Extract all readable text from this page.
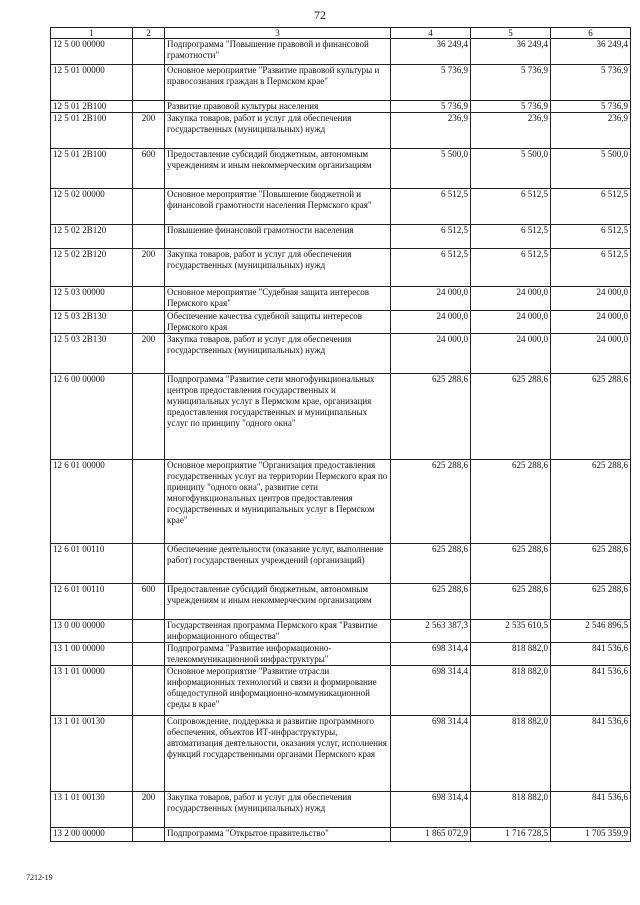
72
1	2	3	4	5	6
12 5 00 00000		Подпрограмма "Повышение правовой и финансовой грамотности"	36 249,4	36 249,4	36 249,4
12 5 01 00000		Основное мероприятие "Развитие правовой культуры и правосознания граждан в Пермском крае"	5 736,9	5 736,9	5 736,9
12 5 01 2В100		Развитие правовой культуры населения	5 736,9	5 736,9	5 736,9
12 5 01 2В100	200	Закупка товаров, работ и услуг для обеспечения государственных (муниципальных) нужд	236,9	236,9	236,9
12 5 01 2В100	600	Предоставление субсидий бюджетным, автономным учреждениям и иным некоммерческим организациям	5 500,0	5 500,0	5 500,0
12 5 02 00000		Основное мероприятие "Повышение бюджетной и финансовой грамотности населения Пермского края"	6 512,5	6 512,5	6 512,5
12 5 02 2В120		Повышение финансовой грамотности населения	6 512,5	6 512,5	6 512,5
12 5 02 2В120	200	Закупка товаров, работ и услуг для обеспечения государственных (муниципальных) нужд	6 512,5	6 512,5	6 512,5
12 5 03 00000		Основное мероприятие "Судебная защита интересов Пермского края"	24 000,0	24 000,0	24 000,0
12 5 03 2В130		Обеспечение качества судебной защиты интересов Пермского края	24 000,0	24 000,0	24 000,0
12 5 03 2В130	200	Закупка товаров, работ и услуг для обеспечения государственных (муниципальных) нужд	24 000,0	24 000,0	24 000,0
12 6 00 00000		Подпрограмма "Развитие сети многофункциональных центров предоставления государственных и муниципальных услуг в Пермском крае, организация предоставления государственных и муниципальных услуг по принципу "одного окна"	625 288,6	625 288,6	625 288,6
12 6 01 00000		Основное мероприятие "Организация предоставления государственных услуг на территории Пермского края по принципу "одного окна", развитие сети многофункциональных центров предоставления государственных и муниципальных услуг в Пермском крае"	625 288,6	625 288,6	625 288,6
12 6 01 00110		Обеспечение деятельности (оказание услуг, выполнение работ) государственных учреждений (организаций)	625 288,6	625 288,6	625 288,6
12 6 01 00110	600	Предоставление субсидий бюджетным, автономным учреждениям и иным некоммерческим организациям	625 288,6	625 288,6	625 288,6
13 0 00 00000		Государственная программа Пермского края "Развитие информационного общества"	2 563 387,3	2 535 610,5	2 546 896,5
13 1 00 00000		Подпрограмма "Развитие информационно-телекоммуникационной инфраструктуры"	698 314,4	818 882,0	841 536,6
13 1 01 00000		Основное мероприятие "Развитие отрасли информационных технологий и связи и формирование общедоступной информационно-коммуникационной среды в крае"	698 314,4	818 882,0	841 536,6
13 1 01 00130		Сопровождение, поддержка и развитие программного обеспечения, объектов ИТ-инфраструктуры, автоматизация деятельности, оказания услуг, исполнения функций государственными органами Пермского края	698 314,4	818 882,0	841 536,6
13 1 01 00130	200	Закупка товаров, работ и услуг для обеспечения государственных (муниципальных) нужд	698 314,4	818 882,0	841 536,6
13 2 00 00000		Подпрограмма "Открытое правительство"	1 865 072,9	1 716 728,5	1 705 359,9
7212-19
